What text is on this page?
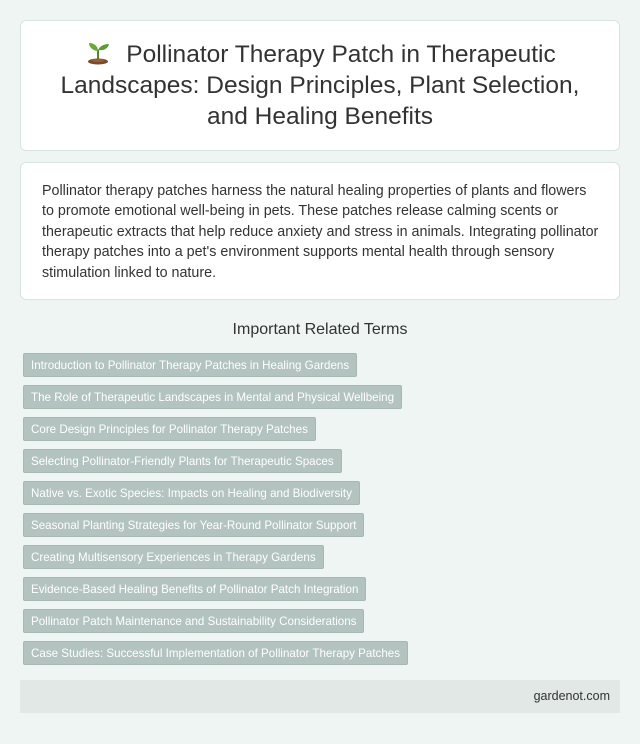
Pollinator Therapy Patch in Therapeutic Landscapes: Design Principles, Plant Selection, and Healing Benefits

Pollinator therapy patches harness the natural healing properties of plants and flowers to promote emotional well-being in pets. These patches release calming scents or therapeutic extracts that help reduce anxiety and stress in animals. Integrating pollinator therapy patches into a pet's environment supports mental health through sensory stimulation linked to nature.

Important Related Terms
Introduction to Pollinator Therapy Patches in Healing Gardens
The Role of Therapeutic Landscapes in Mental and Physical Wellbeing
Core Design Principles for Pollinator Therapy Patches
Selecting Pollinator-Friendly Plants for Therapeutic Spaces
Native vs. Exotic Species: Impacts on Healing and Biodiversity
Seasonal Planting Strategies for Year-Round Pollinator Support
Creating Multisensory Experiences in Therapy Gardens
Evidence-Based Healing Benefits of Pollinator Patch Integration
Pollinator Patch Maintenance and Sustainability Considerations
Case Studies: Successful Implementation of Pollinator Therapy Patches
gardenot.com
